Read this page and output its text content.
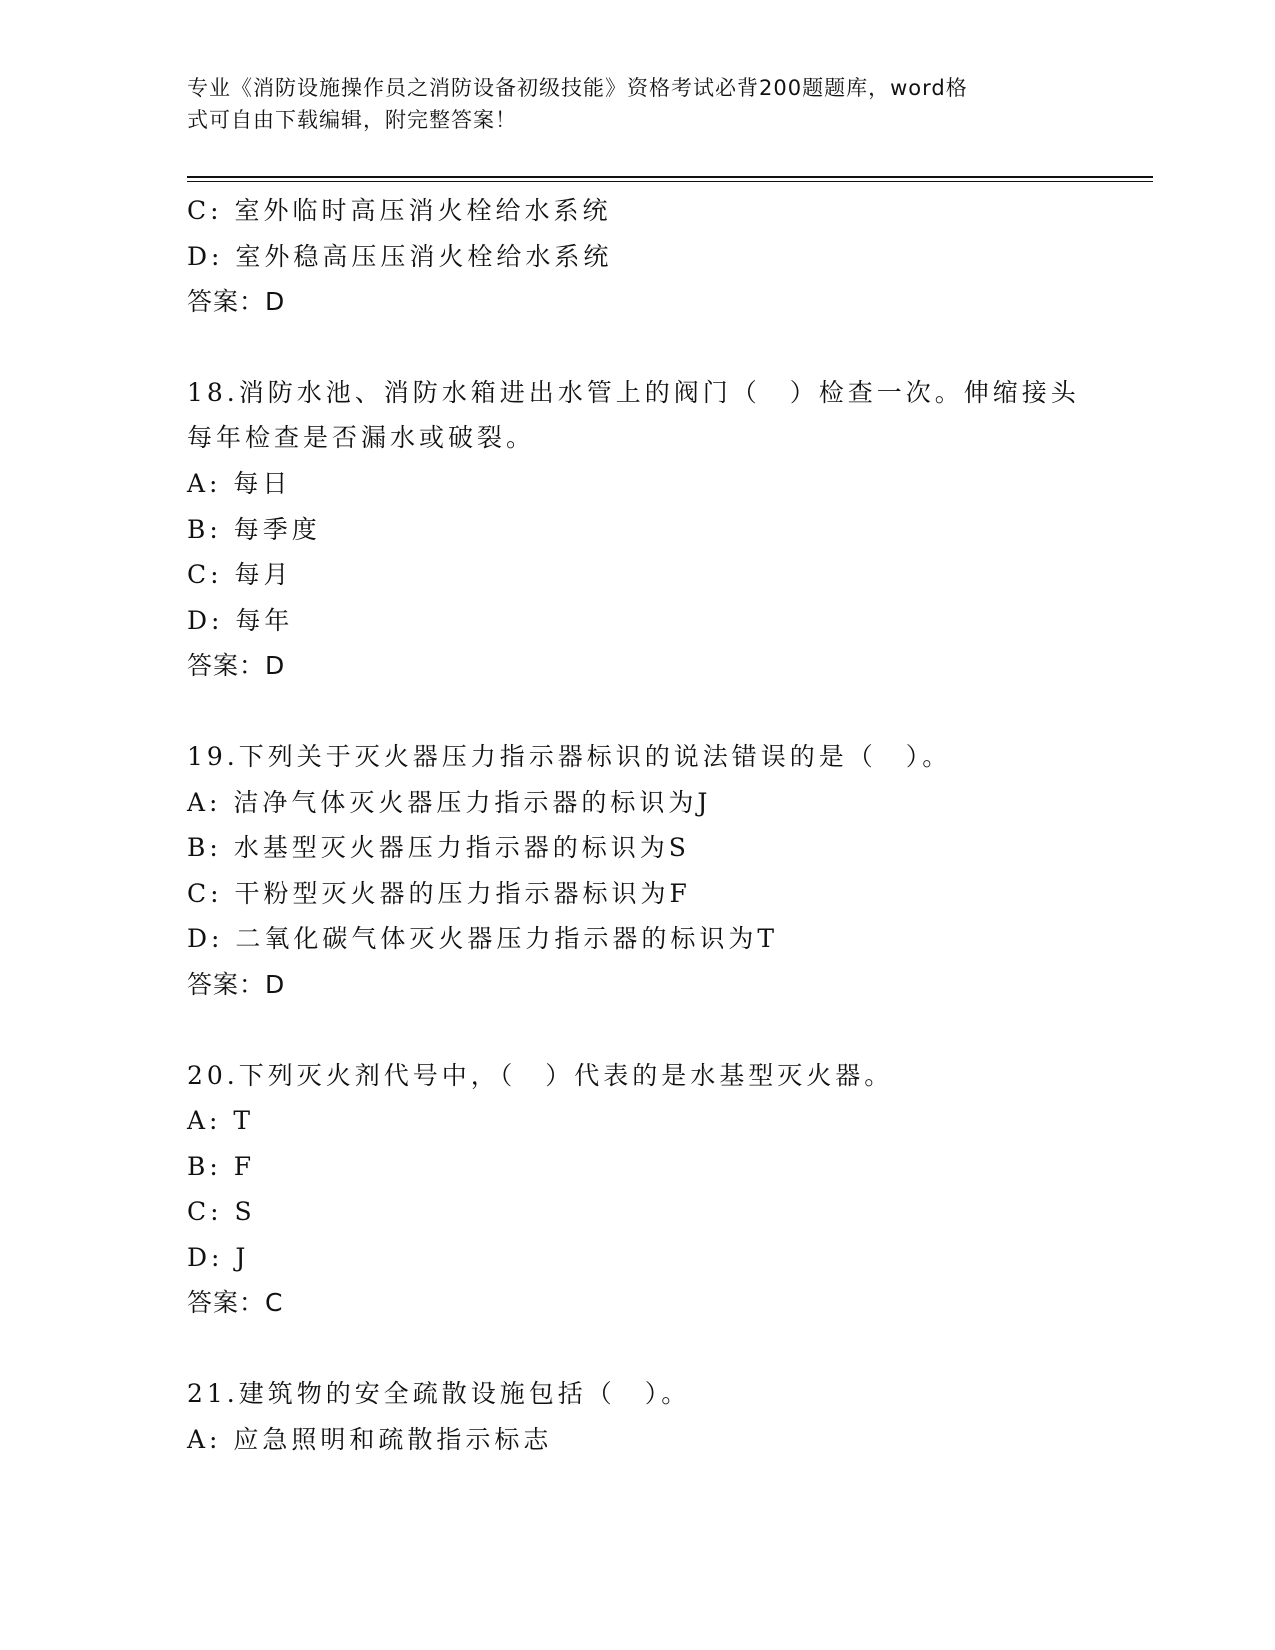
专业《消防设施操作员之消防设备初级技能》资格考试必背200题题库，word格
式可自由下载编辑，附完整答案！
C: 室外临时高压消火栓给水系统
D: 室外稳高压压消火栓给水系统
答案：D
18.消防水池、消防水箱进出水管上的阀门（　）检查一次。伸缩接头
每年检查是否漏水或破裂。
A: 每日
B: 每季度
C: 每月
D: 每年
答案：D
19.下列关于灭火器压力指示器标识的说法错误的是（　）。
A: 洁净气体灭火器压力指示器的标识为J
B: 水基型灭火器压力指示器的标识为S
C: 干粉型灭火器的压力指示器标识为F
D: 二氧化碳气体灭火器压力指示器的标识为T
答案：D
20.下列灭火剂代号中，（　）代表的是水基型灭火器。
A: T
B: F
C: S
D: J
答案：C
21.建筑物的安全疏散设施包括（　）。
A: 应急照明和疏散指示标志
